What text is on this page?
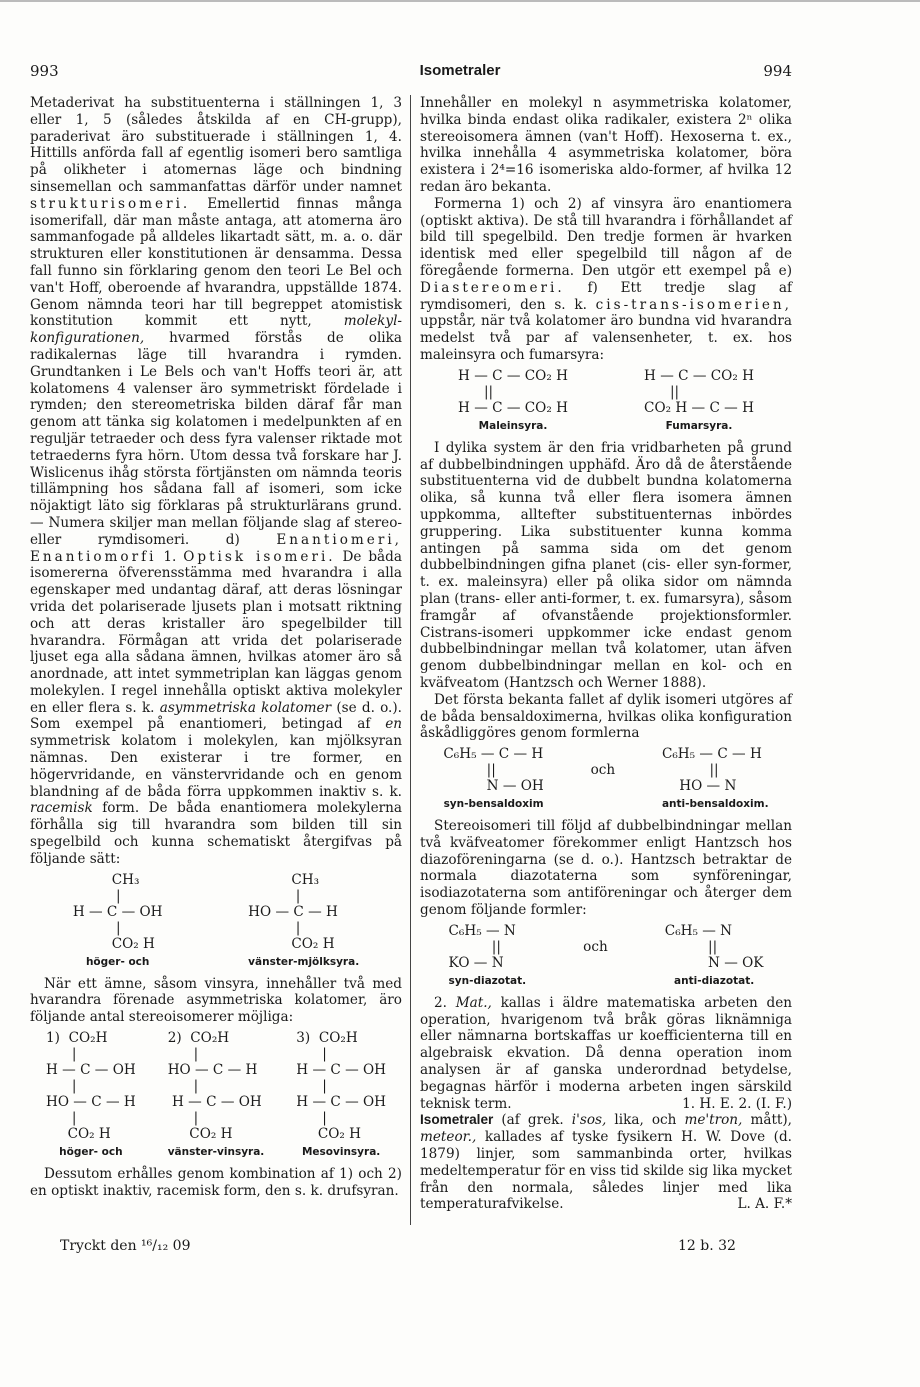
993	Isometraler	994

Metaderivat ha substituenterna i ställningen 1, 3 eller 1, 5 (således åtskilda af en CH-grupp), paraderivat äro substituerade i ställningen 1, 4. Hittills anförda fall af egentlig isomeri bero samtliga på olikheter i atomernas läge och bindning sinsemellan och sammanfattas därför under namnet strukturisomeri. Emellertid finnas många isomerifall, där man måste antaga, att atomerna äro sammanfogade på alldeles likartadt sätt, m. a. o. där strukturen eller konstitutionen är densamma. Dessa fall funno sin förklaring genom den teori Le Bel och van't Hoff, oberoende af hvarandra, uppställde 1874. Genom nämnda teori har till begreppet atomistisk konstitution kommit ett nytt, molekyl-konfigurationen, hvarmed förstås de olika radikalernas läge till hvarandra i rymden. Grundtanken i Le Bels och van't Hoffs teori är, att kolatomens 4 valenser äro symmetriskt fördelade i rymden; den stereometriska bilden däraf får man genom att tänka sig kolatomen i medelpunkten af en reguljär tetraeder och dess fyra valenser riktade mot tetraederns fyra hörn. Utom dessa två forskare har J. Wislicenus ihåg största förtjänsten om nämnda teoris tillämpning hos sådana fall af isomeri, som icke nöjaktigt läto sig förklaras på strukturlärans grund. — Numera skiljer man mellan följande slag af stereo- eller rymdisomeri. d)	Enantiomeri, Enantiomorfi 1. Optisk isomeri. De båda isomererna öfverensstämma med hvarandra i alla egenskaper med undantag däraf, att deras lösningar vrida det polariserade ljusets plan i motsatt riktning och att deras kristaller äro spegelbilder till hvarandra. Förmågan att vrida det polariserade ljuset ega alla sådana ämnen, hvilkas atomer äro så anordnade, att intet symmetriplan kan läggas genom molekylen. I regel innehålla optiskt aktiva molekyler en eller flera s. k. asymmetriska kolatomer (se d. o.). Som exempel på enantiomeri, betingad af en symmetrisk kolatom i molekylen, kan mjölksyran nämnas. Den existerar i tre former, en högervridande, en vänstervridande och en genom blandning af de båda förra uppkommen inaktiv s. k. racemisk form. De båda enantiomera molekylerna förhålla sig till hvarandra som bilden till sin spegelbild och kunna schematiskt återgifvas på följande sätt:

CH₃
|
H — C — OH
|
CO₂ H
höger- och
CH₃
|
HO — C — H
|
CO₂ H
vänster-mjölksyra.

När ett ämne, såsom vinsyra, innehåller två med hvarandra förenade asymmetriska kolatomer, äro följande antal stereoisomerer möjliga:

1)  CO₂H
|
H — C — OH
|
HO — C — H
|
CO₂ H
höger- och
2)  CO₂H
|
HO — C — H
|
H — C — OH
|
CO₂ H
vänster-vinsyra.
3)  CO₂H
|
H — C — OH
|
H — C — OH
|
CO₂ H
Mesovinsyra.

Dessutom erhålles genom kombination af 1) och 2) en optiskt inaktiv, racemisk form, den s. k. drufsyran.

Innehåller en molekyl n asymmetriska kolatomer, hvilka binda endast olika radikaler, existera 2ⁿ olika stereoisomera ämnen (van't Hoff). Hexoserna t. ex., hvilka innehålla 4 asymmetriska kolatomer, böra existera i 2⁴=16 isomeriska aldo-former, af hvilka 12 redan äro bekanta.

Formerna 1) och 2) af vinsyra äro enantiomera (optiskt aktiva). De stå till hvarandra i förhållandet af bild till spegelbild. Den tredje formen är hvarken identisk med eller spegelbild till någon af de föregående formerna. Den utgör ett exempel på e) Diastereomeri. f) Ett tredje slag af rymdisomeri, den s. k. cis-trans-isomerien, uppstår, när två kolatomer äro bundna vid hvarandra medelst två par af valensenheter, t. ex. hos maleinsyra och fumarsyra:

H — C — CO₂ H
||
H — C — CO₂ H
Maleinsyra.
H — C — CO₂ H
||
CO₂ H — C — H
Fumarsyra.

I dylika system är den fria vridbarheten på grund af dubbelbindningen upphäfd. Äro då de återstående substituenterna vid de dubbelt bundna kolatomerna olika, så kunna två eller flera isomera ämnen uppkomma, alltefter substituenternas inbördes gruppering. Lika substituenter kunna komma antingen på samma sida om det genom dubbelbindningen gifna planet (cis- eller syn-former, t. ex. maleinsyra) eller på olika sidor om nämnda plan (trans- eller anti-former, t. ex. fumarsyra), såsom framgår af ofvanstående projektionsformler. Cistrans-isomeri uppkommer icke endast genom dubbelbindningar mellan två kolatomer, utan äfven genom dubbelbindningar mellan en kol- och en kväfveatom (Hantzsch och Werner 1888).

Det första bekanta fallet af dylik isomeri utgöres af de båda bensaldoximerna, hvilkas olika konfiguration åskådliggöres genom formlerna

C₆H₅ — C — H
||
N — OH
syn-bensaldoxim
och
C₆H₅ — C — H
||
HO — N
anti-bensaldoxim.

Stereoisomeri till följd af dubbelbindningar mellan två kväfveatomer förekommer enligt Hantzsch hos diazoföreningarna (se d. o.). Hantzsch betraktar de normala diazotaterna som synföreningar, isodiazotaterna som antiföreningar och återger dem genom följande formler:

C₆H₅ — N
||
KO — N
syn-diazotat.
och
C₆H₅ — N
||
N — OK
anti-diazotat.

2. Mat., kallas i äldre matematiska arbeten den operation, hvarigenom två bråk göras liknämniga eller nämnarna bortskaffas ur koefficienterna till en algebraisk ekvation. Då denna operation inom analysen är af ganska underordnad betydelse, begagnas härför i moderna arbeten ingen särskild teknisk term.	1. H. E. 2. (I. F.)

Isometraler (af grek. i'sos, lika, och me'tron, mått), meteor., kallades af tyske fysikern H. W. Dove (d. 1879) linjer, som sammanbinda orter, hvilkas medeltemperatur för en viss tid skilde sig lika mycket från den normala, således linjer med lika temperaturafvikelse.	L. A. F.*

Tryckt den ¹⁶/₁₂ 09	12 b. 32
